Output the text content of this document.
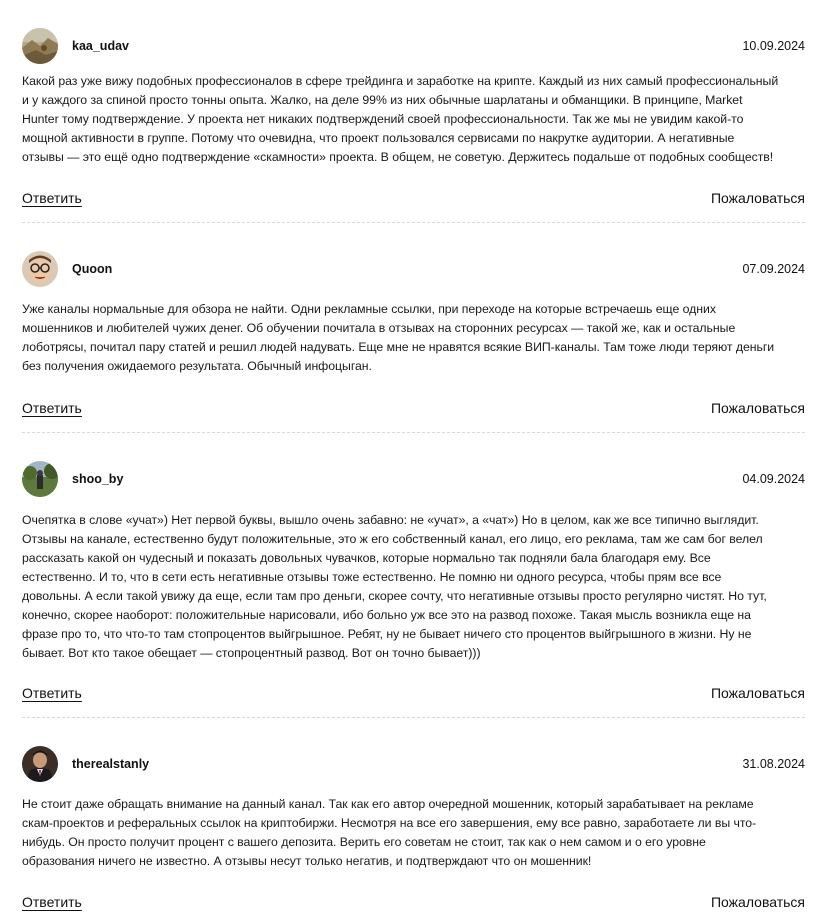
kaa_udav	10.09.2024
Какой раз уже вижу подобных профессионалов в сфере трейдинга и заработке на крипте. Каждый из них самый профессиональный
и у каждого за спиной просто тонны опыта. Жалко, на деле 99% из них обычные шарлатаны и обманщики. В принципе, Market
Hunter тому подтверждение. У проекта нет никаких подтверждений своей профессиональности. Так же мы не увидим какой-то
мощной активности в группе. Потому что очевидна, что проект пользовался сервисами по накрутке аудитории. А негативные
отзывы — это ещё одно подтверждение «скамности» проекта. В общем, не советую. Держитесь подальше от подобных сообществ!
Ответить	Пожаловаться
Quoon	07.09.2024
Уже каналы нормальные для обзора не найти. Одни рекламные ссылки, при переходе на которые встречаешь еще одних
мошенников и любителей чужих денег. Об обучении почитала в отзывах на сторонних ресурсах — такой же, как и остальные
лоботрясы, почитал пару статей и решил людей надувать. Еще мне не нравятся всякие ВИП-каналы. Там тоже люди теряют деньги
без получения ожидаемого результата. Обычный инфоцыган.
Ответить	Пожаловаться
shoo_by	04.09.2024
Очепятка в слове «учат») Нет первой буквы, вышло очень забавно: не «учат», а «чат») Но в целом, как же все типично выглядит.
Отзывы на канале, естественно будут положительные, это ж его собственный канал, его лицо, его реклама, там же сам бог велел
рассказать какой он чудесный и показать довольных чувачков, которые нормально так подняли бала благодаря ему. Все
естественно. И то, что в сети есть негативные отзывы тоже естественно. Не помню ни одного ресурса, чтобы прям все все
довольны. А если такой увижу да еще, если там про деньги, скорее сочту, что негативные отзывы просто регулярно чистят. Но тут,
конечно, скорее наоборот: положительные нарисовали, ибо больно уж все это на развод похоже. Такая мысль возникла еще на
фразе про то, что что-то там стопроцентов выйгрышное. Ребят, ну не бывает ничего сто процентов выйгрышного в жизни. Ну не
бывает. Вот кто такое обещает — стопроцентный развод. Вот он точно бывает)))
Ответить	Пожаловаться
therealstanly	31.08.2024
Не стоит даже обращать внимание на данный канал. Так как его автор очередной мошенник, который зарабатывает на рекламе
скам-проектов и реферальных ссылок на криптобиржи. Несмотря на все его завершения, ему все равно, заработаете ли вы что-
нибудь. Он просто получит процент с вашего депозита. Верить его советам не стоит, так как о нем самом и о его уровне
образования ничего не известно. А отзывы несут только негатив, и подтверждают что он мошенник!
Ответить	Пожаловаться
